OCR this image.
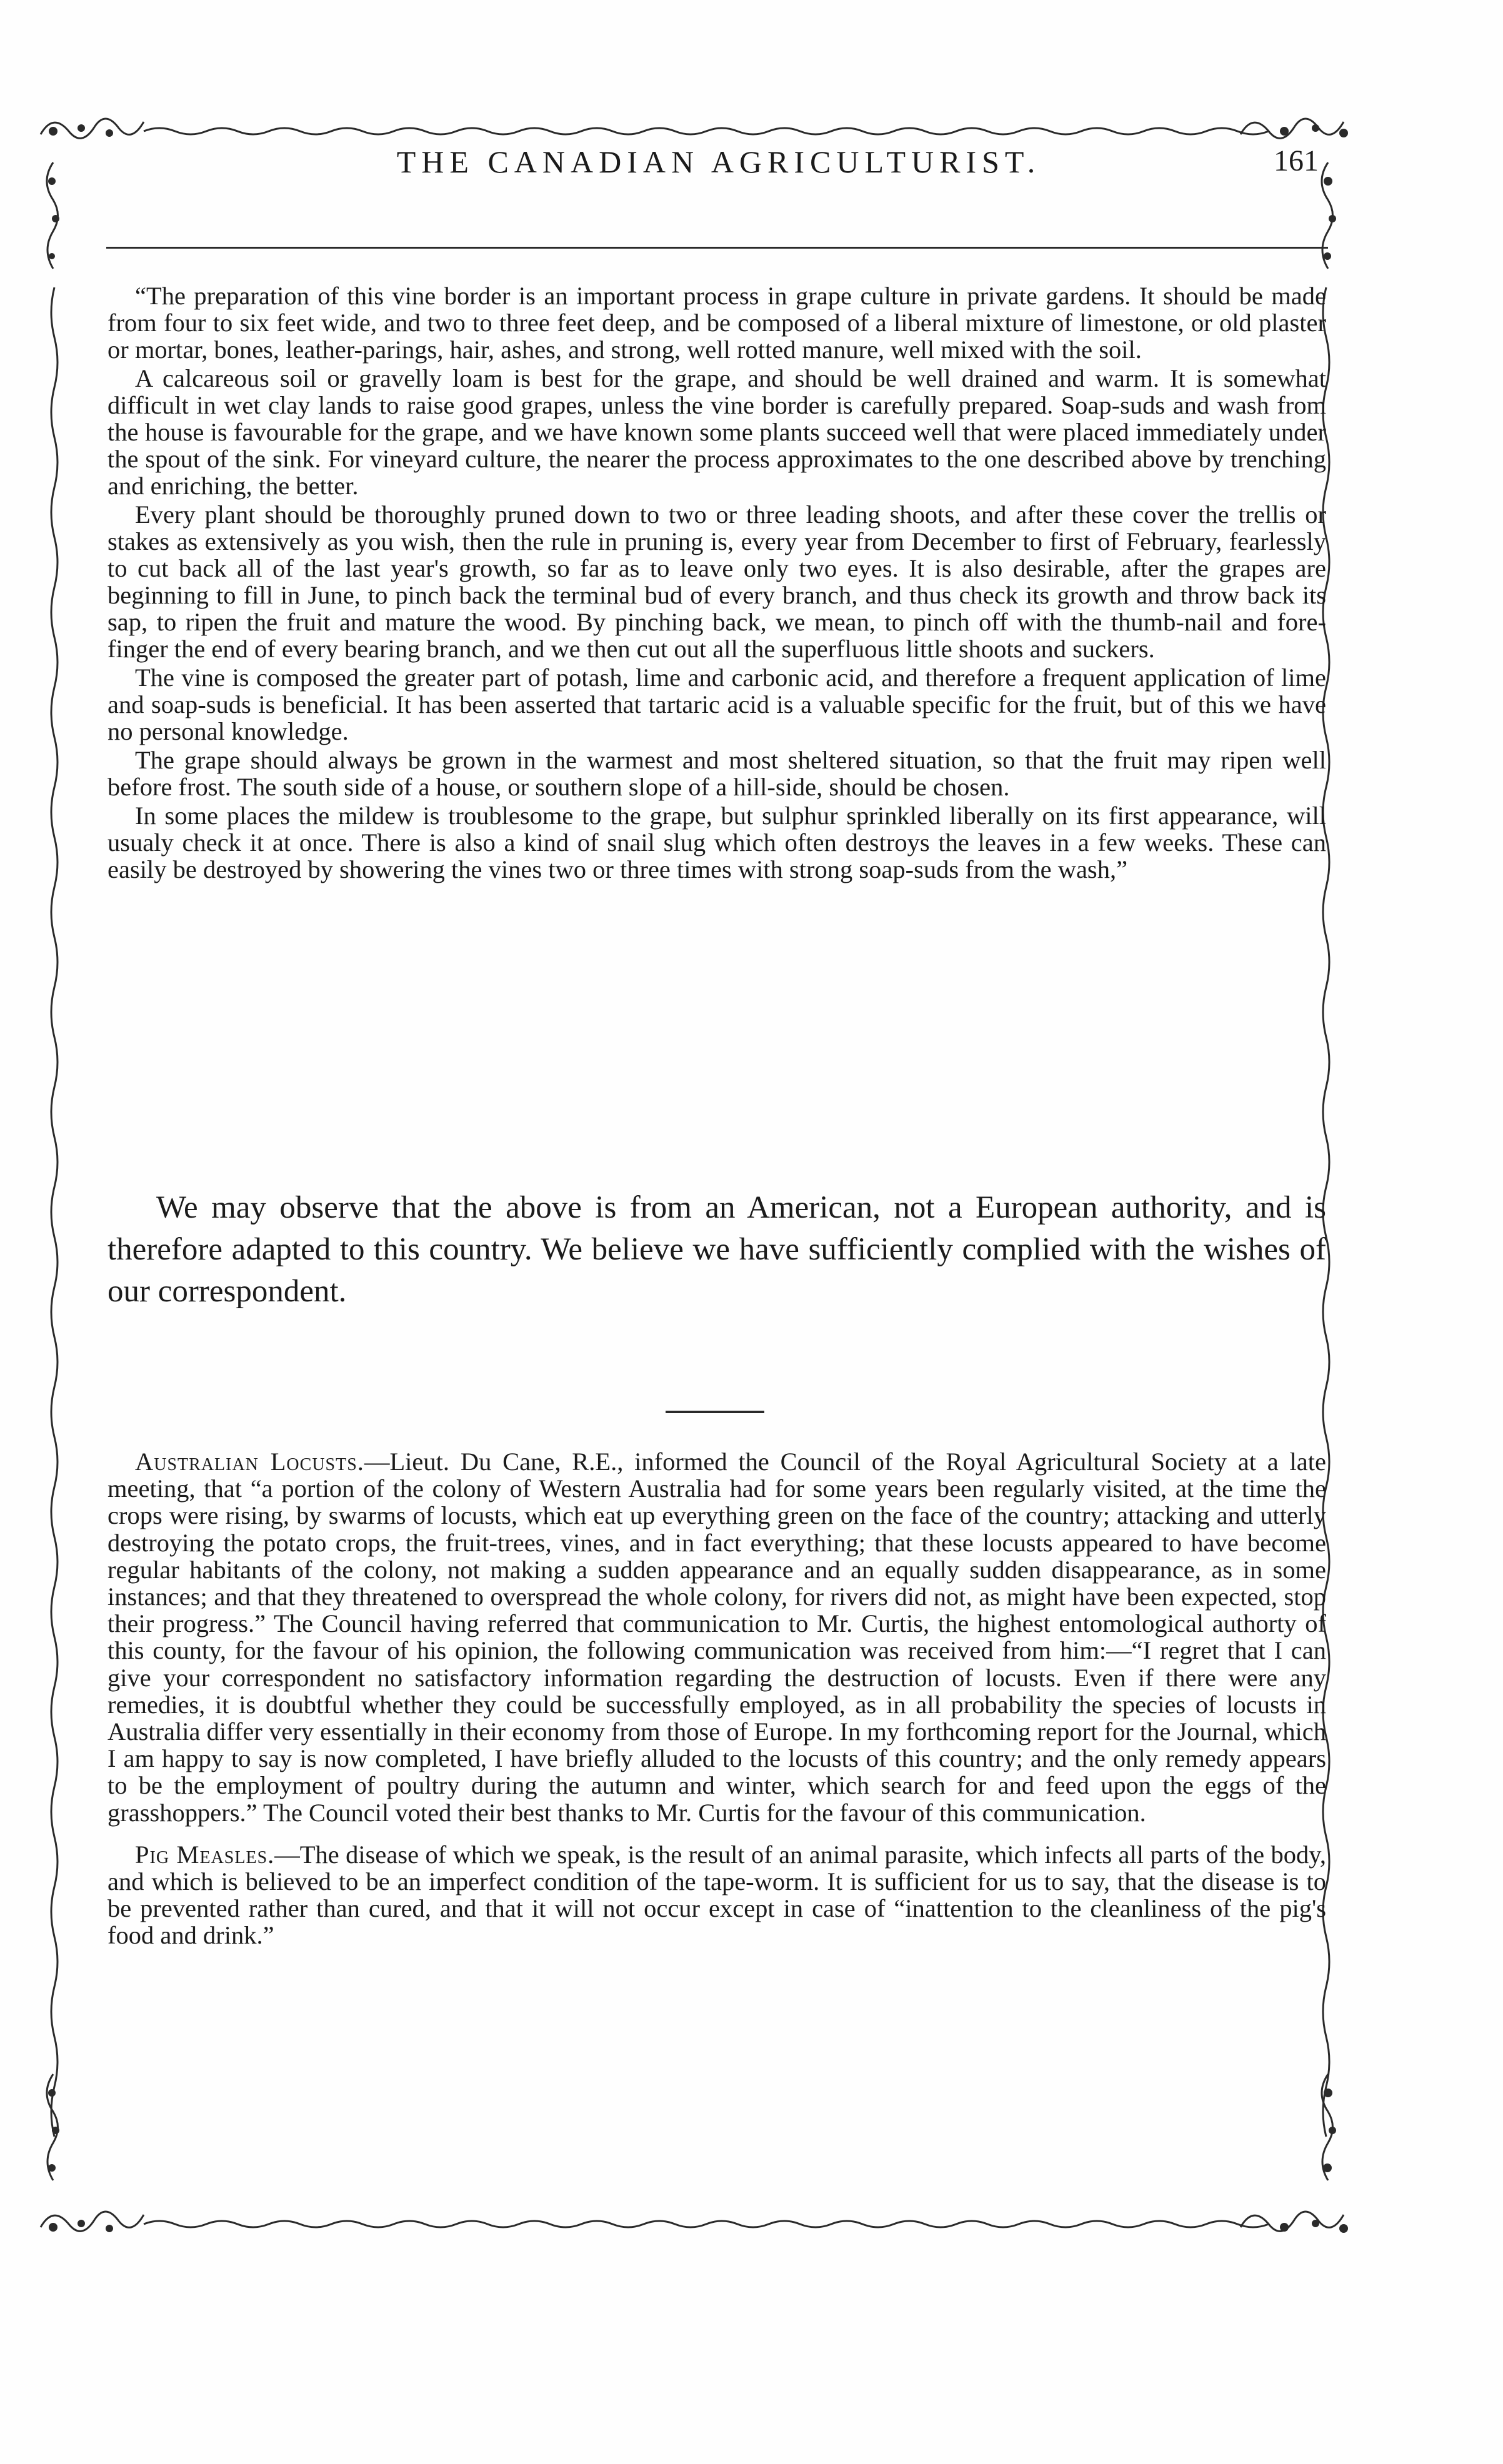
THE CANADIAN AGRICULTURIST.	161

“The preparation of this vine border is an important process in grape culture in private gardens. It should be made from four to six feet wide, and two to three feet deep, and be composed of a liberal mixture of limestone, or old plaster or mortar, bones, leather-parings, hair, ashes, and strong, well rotted manure, well mixed with the soil.

A calcareous soil or gravelly loam is best for the grape, and should be well drained and warm. It is somewhat difficult in wet clay lands to raise good grapes, unless the vine border is carefully prepared. Soap-suds and wash from the house is favourable for the grape, and we have known some plants succeed well that were placed immediately under the spout of the sink. For vineyard culture, the nearer the process approximates to the one described above by trenching and enriching, the better.

Every plant should be thoroughly pruned down to two or three leading shoots, and after these cover the trellis or stakes as extensively as you wish, then the rule in pruning is, every year from December to first of February, fearlessly to cut back all of the last year's growth, so far as to leave only two eyes. It is also desirable, after the grapes are beginning to fill in June, to pinch back the terminal bud of every branch, and thus check its growth and throw back its sap, to ripen the fruit and mature the wood. By pinching back, we mean, to pinch off with the thumb-nail and fore-finger the end of every bearing branch, and we then cut out all the superfluous little shoots and suckers.

The vine is composed the greater part of potash, lime and carbonic acid, and therefore a frequent application of lime and soap-suds is beneficial. It has been asserted that tartaric acid is a valuable specific for the fruit, but of this we have no personal knowledge.

The grape should always be grown in the warmest and most sheltered situation, so that the fruit may ripen well before frost. The south side of a house, or southern slope of a hill-side, should be chosen.

In some places the mildew is troublesome to the grape, but sulphur sprinkled liberally on its first appearance, will usualy check it at once. There is also a kind of snail slug which often destroys the leaves in a few weeks. These can easily be destroyed by showering the vines two or three times with strong soap-suds from the wash,”

We may observe that the above is from an American, not a European authority, and is therefore adapted to this country. We believe we have sufficiently complied with the wishes of our correspondent.

Australian Locusts.—Lieut. Du Cane, R.E., informed the Council of the Royal Agricultural Society at a late meeting, that “a portion of the colony of Western Australia had for some years been regularly visited, at the time the crops were rising, by swarms of locusts, which eat up everything green on the face of the country; attacking and utterly destroying the potato crops, the fruit-trees, vines, and in fact everything; that these locusts appeared to have become regular habitants of the colony, not making a sudden appearance and an equally sudden disappearance, as in some instances; and that they threatened to overspread the whole colony, for rivers did not, as might have been expected, stop their progress.” The Council having referred that communication to Mr. Curtis, the highest entomological authorty of this county, for the favour of his opinion, the following communication was received from him:—“I regret that I can give your correspondent no satisfactory information regarding the destruction of locusts. Even if there were any remedies, it is doubtful whether they could be successfully employed, as in all probability the species of locusts in Australia differ very essentially in their economy from those of Europe. In my forthcoming report for the Journal, which I am happy to say is now completed, I have briefly alluded to the locusts of this country; and the only remedy appears to be the employment of poultry during the autumn and winter, which search for and feed upon the eggs of the grasshoppers.” The Council voted their best thanks to Mr. Curtis for the favour of this communication.

Pig Measles.—The disease of which we speak, is the result of an animal parasite, which infects all parts of the body, and which is believed to be an imperfect condition of the tape-worm. It is sufficient for us to say, that the disease is to be prevented rather than cured, and that it will not occur except in case of “inattention to the cleanliness of the pig's food and drink.”
